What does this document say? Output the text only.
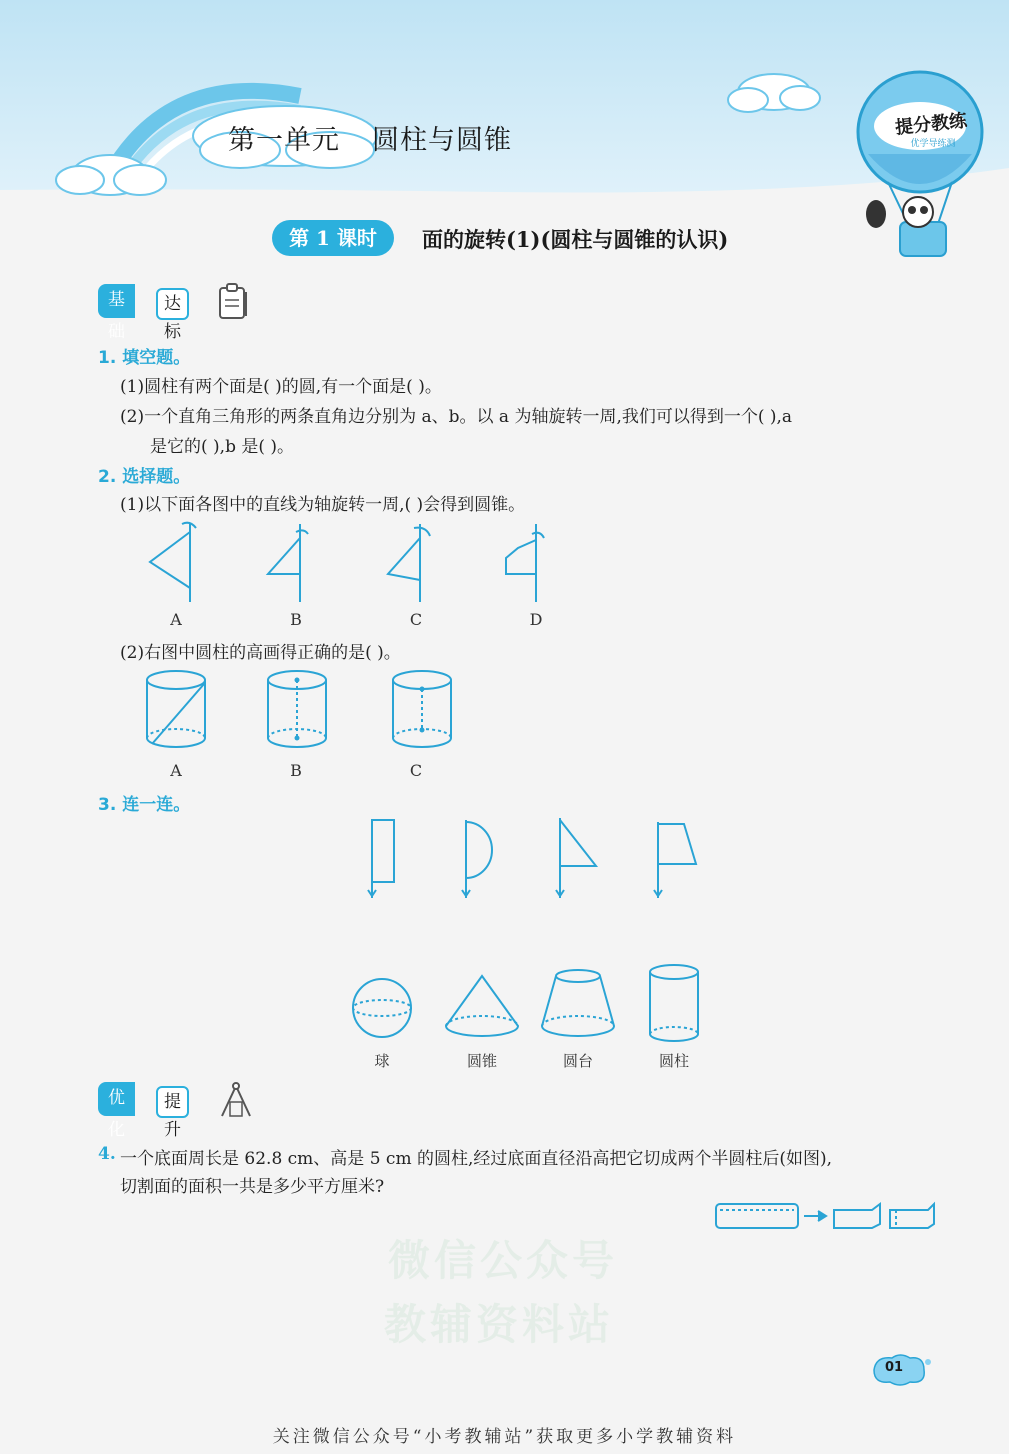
第一单元 圆柱与圆锥
提分教练
优学导练测
第 1 课时	面的旋转(1)(圆柱与圆锥的认识)
基础
达标
1. 填空题。
(1)圆柱有两个面是( )的圆,有一个面是( )。
(2)一个直角三角形的两条直角边分别为 a、b。以 a 为轴旋转一周,我们可以得到一个( ),a
是它的( ),b 是( )。
2. 选择题。
(1)以下面各图中的直线为轴旋转一周,( )会得到圆锥。
A	B	C	D
(2)右图中圆柱的高画得正确的是( )。
A	B	C
3. 连一连。
球	圆锥	圆台	圆柱
优化
提升
4. 一个底面周长是 62.8 cm、高是 5 cm 的圆柱,经过底面直径沿高把它切成两个半圆柱后(如图),
切割面的面积一共是多少平方厘米?
微信公众号
教辅资料站
01
关注微信公众号“小考教辅站”获取更多小学教辅资料
